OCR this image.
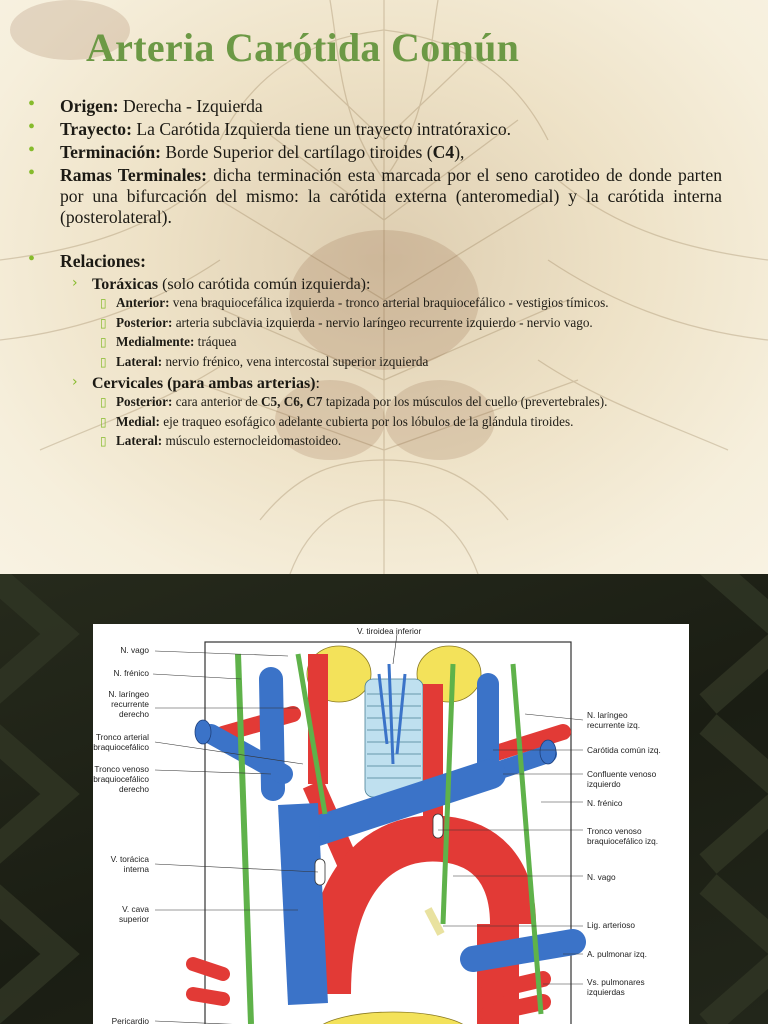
Arteria Carótida Común
• Origen: Derecha - Izquierda
• Trayecto: La Carótida Izquierda tiene un trayecto intratóraxico.
• Terminación: Borde Superior del cartílago tiroides (C4),
• Ramas Terminales: dicha terminación esta marcada por el seno carotideo de donde parten por una bifurcación del mismo: la carótida externa (anteromedial) y la carótida interna (posterolateral).
• Relaciones:
› Toráxicas (solo carótida común izquierda):
▯ Anterior: vena braquiocefálica izquierda - tronco arterial braquiocefálico - vestigios tímicos.
▯ Posterior: arteria subclavia izquierda - nervio laríngeo recurrente izquierdo - nervio vago.
▯ Medialmente: tráquea
▯ Lateral: nervio frénico, vena intercostal superior izquierda
› Cervicales (para ambas arterias):
▯ Posterior: cara anterior de C5, C6, C7 tapizada por los músculos del cuello (prevertebrales).
▯ Medial: eje traqueo esofágico adelante cubierta por los lóbulos de la glándula tiroides.
▯ Lateral: músculo esternocleidomastoideo.
V. tiroidea inferior
N. vago
N. frénico
N. laríngeo
recurrente
derecho
Tronco arterial
braquiocefálico
Tronco venoso
braquiocefálico
derecho
V. torácica
interna
V. cava superior
Pericardio
N. laríngeo
recurrente izq.
Carótida común izq.
Confluente venoso
izquierdo
N. frénico
Tronco venoso
braquiocefálico izq.
N. vago
Lig. arterioso
A. pulmonar izq.
Vs. pulmonares
izquierdas
